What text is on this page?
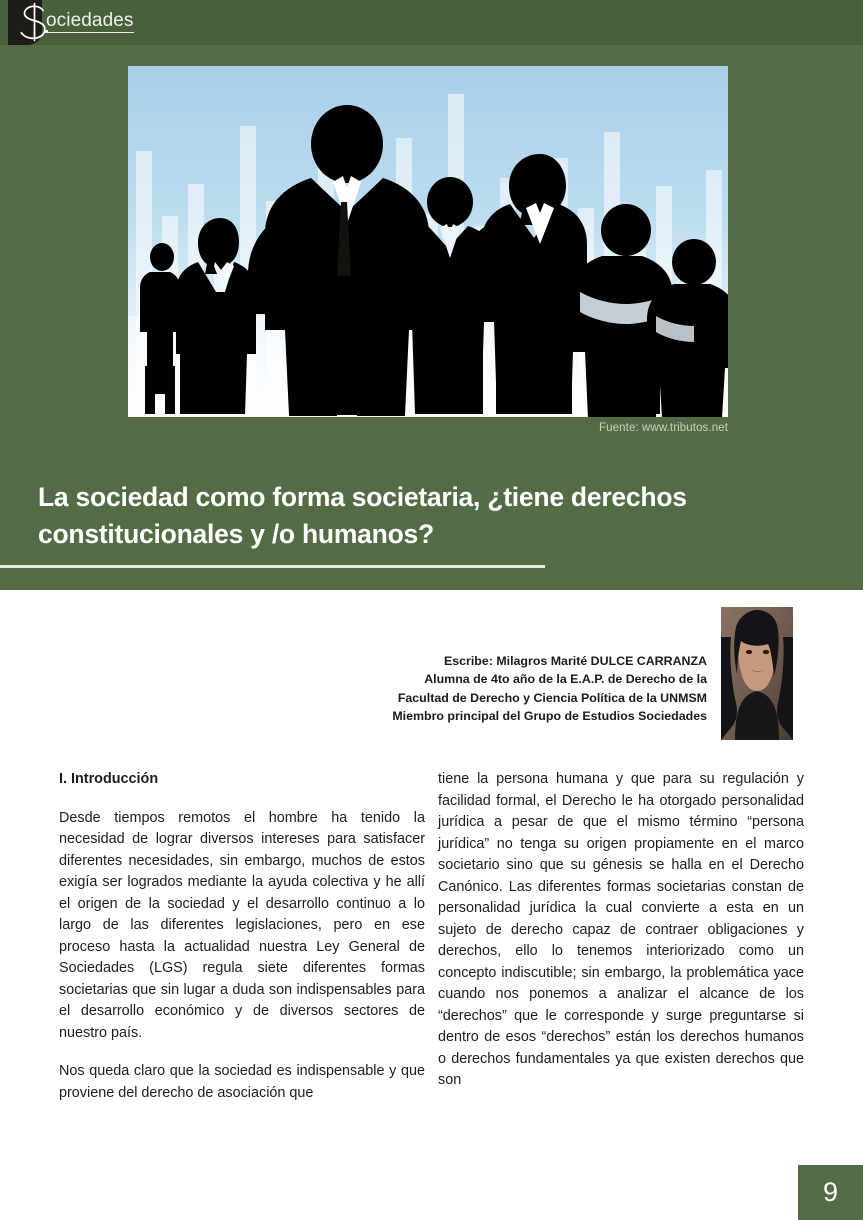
ociedades
Fuente: www.tributos.net
La sociedad como forma societaria, ¿tiene derechos constitucionales y /o humanos?
Escribe: Milagros Marité DULCE CARRANZA
Alumna de 4to año de la E.A.P. de Derecho de la
Facultad de Derecho y Ciencia Política de la UNMSM
Miembro principal del Grupo de Estudios Sociedades

I. Introducción

Desde tiempos remotos el hombre ha tenido la necesidad de lograr diversos intereses para satisfacer diferentes necesidades, sin embargo, muchos de estos exigía ser logrados mediante la ayuda colectiva y he allí el origen de la sociedad y el desarrollo continuo a lo largo de las diferentes legislaciones, pero en ese proceso hasta la actualidad nuestra Ley General de Sociedades (LGS) regula siete diferentes formas societarias que sin lugar a duda son indispensables para el desarrollo económico y de diversos sectores de nuestro país.

Nos queda claro que la sociedad es indispensable y que proviene del derecho de asociación que

tiene la persona humana y que para su regulación y facilidad formal, el Derecho le ha otorgado personalidad jurídica a pesar de que el mismo término “persona jurídica” no tenga su origen propiamente en el marco societario sino que su génesis se halla en el Derecho Canónico. Las diferentes formas societarias constan de personalidad jurídica la cual convierte a esta en un sujeto de derecho capaz de contraer obligaciones y derechos, ello lo tenemos interiorizado como un concepto indiscutible; sin embargo, la problemática yace cuando nos ponemos a analizar el alcance de los “derechos” que le corresponde y surge preguntarse si dentro de esos “derechos” están los derechos humanos o derechos fundamentales ya que existen derechos que son

9
